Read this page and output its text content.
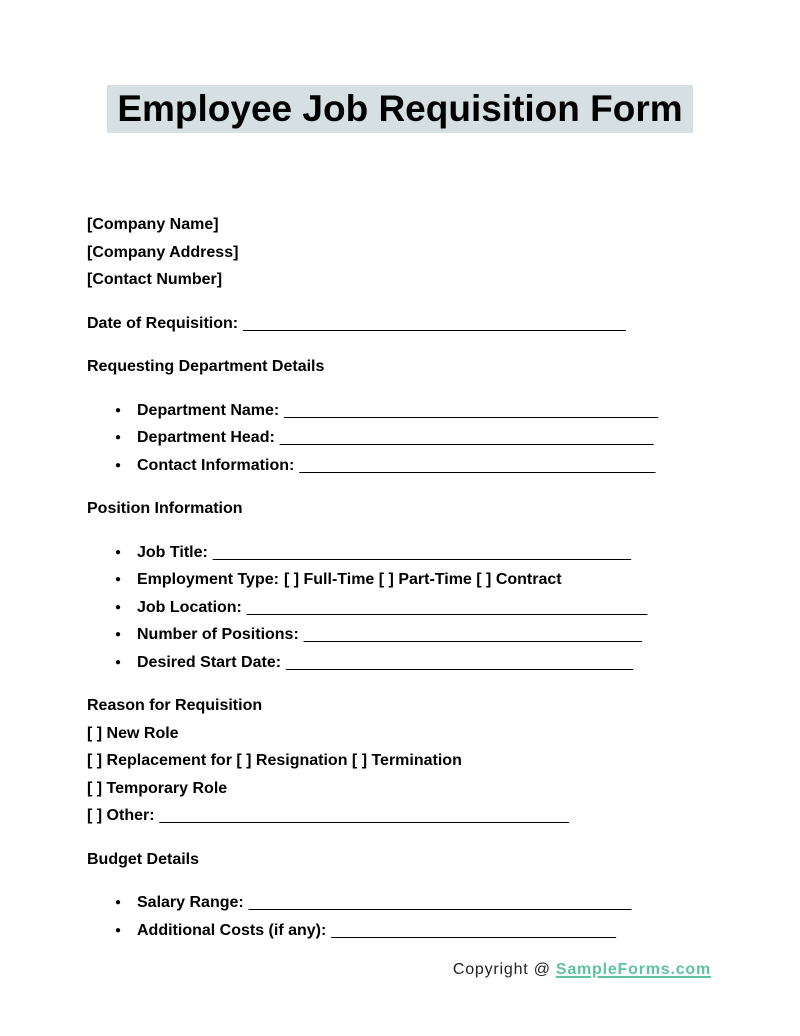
Employee Job Requisition Form

[Company Name]

[Company Address]

[Contact Number]

Date of Requisition: ___________________________________________

Requesting Department Details

● Department Name: __________________________________________

● Department Head: __________________________________________

● Contact Information: ________________________________________

Position Information

● Job Title: _______________________________________________

● Employment Type: [ ] Full-Time [ ] Part-Time [ ] Contract

● Job Location: _____________________________________________

● Number of Positions: ______________________________________

● Desired Start Date: _______________________________________

Reason for Requisition

[ ] New Role

[ ] Replacement for [ ] Resignation [ ] Termination

[ ] Temporary Role

[ ] Other: ______________________________________________

Budget Details

● Salary Range: ___________________________________________

● Additional Costs (if any): ________________________________

Copyright @ SampleForms.com
